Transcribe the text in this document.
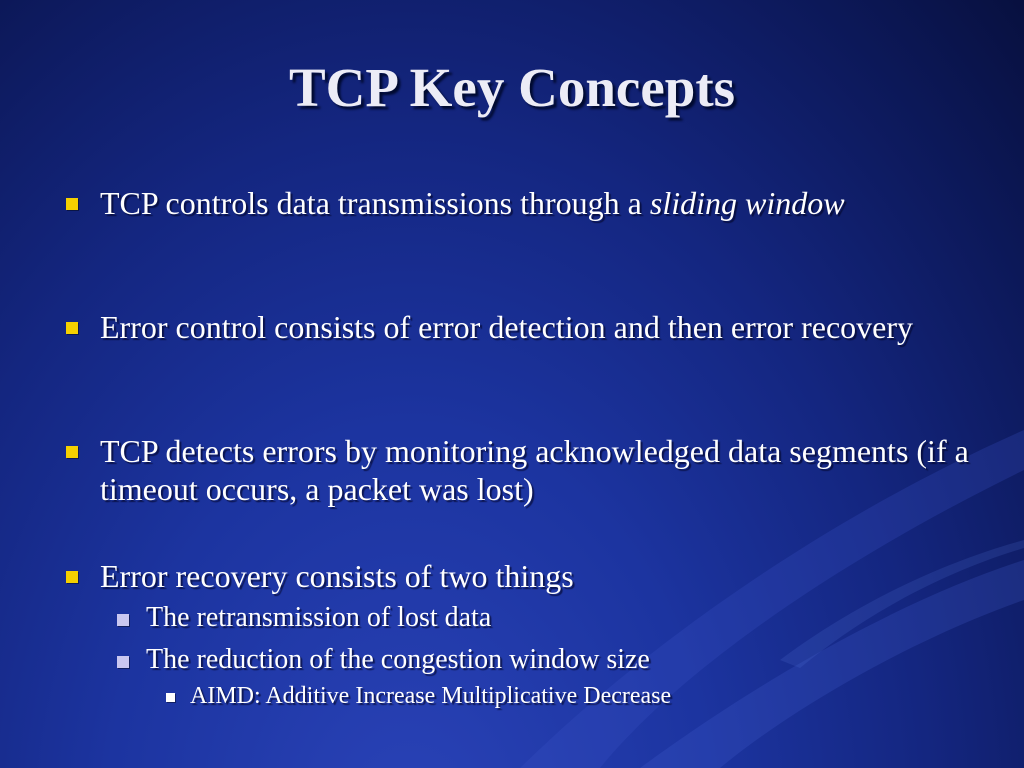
TCP Key Concepts
TCP controls data transmissions through a sliding window
Error control consists of error detection and then error recovery
TCP detects errors by monitoring acknowledged data segments (if a timeout occurs, a packet was lost)
Error recovery consists of two things
The retransmission of lost data
The reduction of the congestion window size
AIMD: Additive Increase Multiplicative Decrease
